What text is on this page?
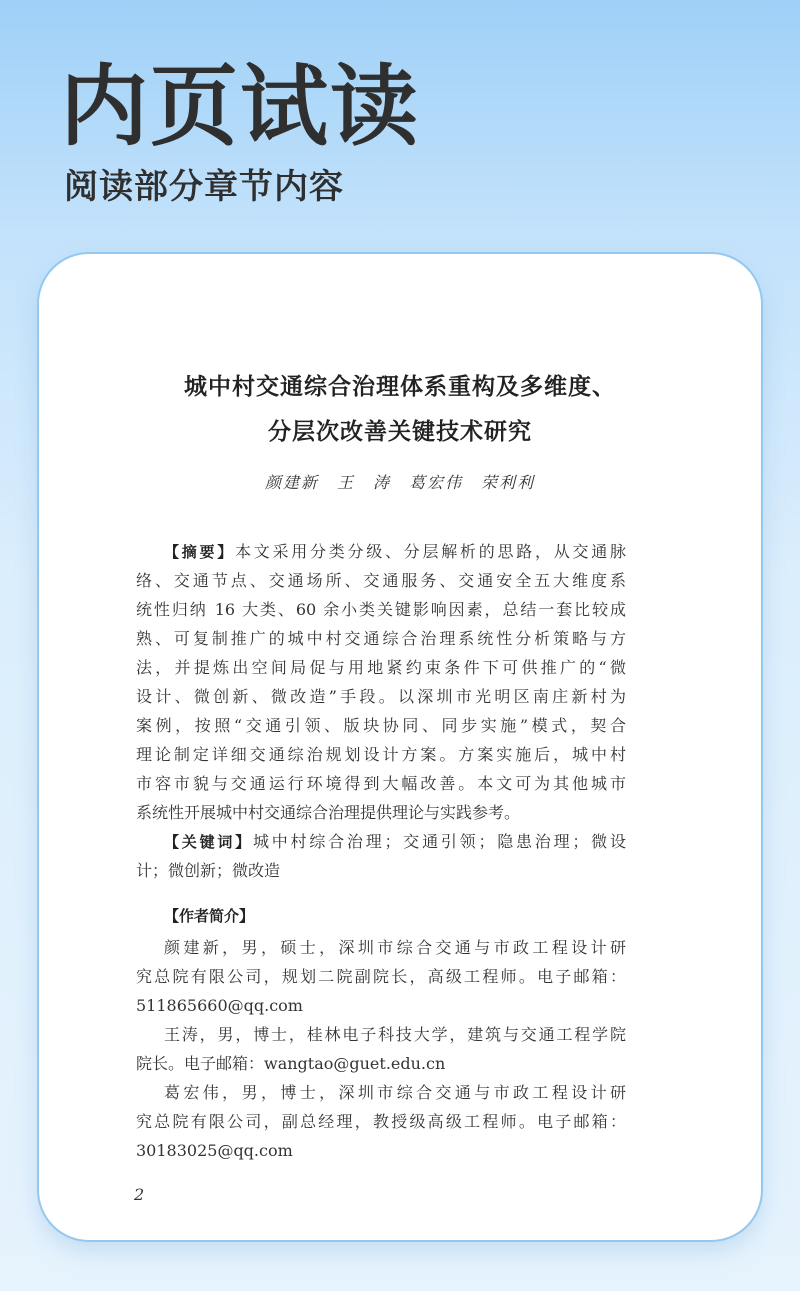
内页试读
阅读部分章节内容
城中村交通综合治理体系重构及多维度、
分层次改善关键技术研究
颜建新　王　涛　葛宏伟　荣利利
【摘要】本文采用分类分级、分层解析的思路，从交通脉
络、交通节点、交通场所、交通服务、交通安全五大维度系
统性归纳 16 大类、60 余小类关键影响因素，总结一套比较成
熟、可复制推广的城中村交通综合治理系统性分析策略与方
法，并提炼出空间局促与用地紧约束条件下可供推广的“微
设计、微创新、微改造”手段。以深圳市光明区南庄新村为
案例，按照“交通引领、版块协同、同步实施”模式，契合
理论制定详细交通综治规划设计方案。方案实施后，城中村
市容市貌与交通运行环境得到大幅改善。本文可为其他城市
系统性开展城中村交通综合治理提供理论与实践参考。
【关键词】城中村综合治理；交通引领；隐患治理；微设
计；微创新；微改造
【作者简介】
颜建新，男，硕士，深圳市综合交通与市政工程设计研
究总院有限公司，规划二院副院长，高级工程师。电子邮箱：
511865660@qq.com
王涛，男，博士，桂林电子科技大学，建筑与交通工程学院
院长。电子邮箱：wangtao@guet.edu.cn
葛宏伟，男，博士，深圳市综合交通与市政工程设计研
究总院有限公司，副总经理，教授级高级工程师。电子邮箱：
30183025@qq.com
2
